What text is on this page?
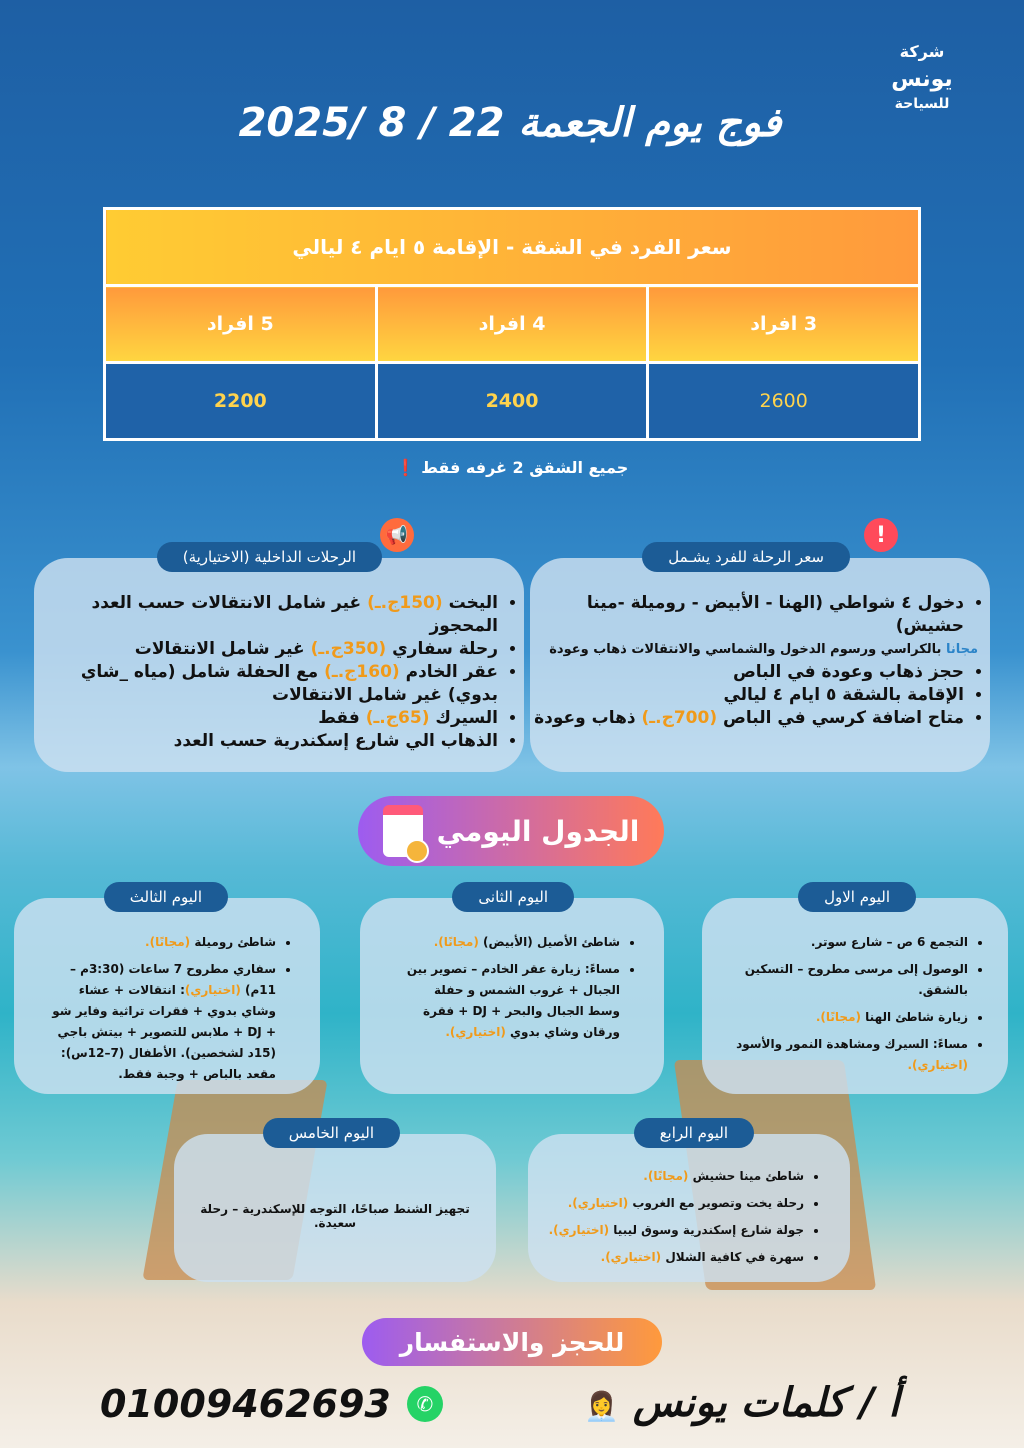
شركة
يونس
للسياحة
فوج يوم الجعمة 22 / 8 /2025
سعر الفرد في الشقة - الإقامة ٥ ايام ٤ ليالي		
3 افراد	4 افراد	5 افراد
2600	2400	2200
جميع الشقق 2 غرفه فقط ❗
!
📢
سعر الرحلة للفرد يشـمل
• دخول ٤ شواطي (الهنا - الأبيض - روميلة -مينا حشيش)
مجانا بالكراسي ورسوم الدخول والشماسي والانتقالات ذهاب وعودة
• حجز ذهاب وعودة في الباص
• الإقامة بالشقة ٥ ايام ٤ ليالي
• متاح اضافة كرسي في الباص (700ج.ـ) ذهاب وعودة
الرحلات الداخلية (الاختيارية)
• اليخت (150ج.ـ) غير شامل الانتقالات حسب العدد المحجوز
• رحلة سفاري (350ج.ـ) غير شامل الانتقالات
• عقر الخادم (160ج.ـ) مع الحفلة شامل (مياه _شاي بدوي) غير شامل الانتقالات
• السيرك (65ج.ـ) فقط
• الذهاب الي شارع إسكندرية حسب العدد
الجدول اليومي
اليوم الاول
• التجمع 6 ص – شارع سوتر.
• الوصول إلى مرسى مطروح – التسكين بالشقق.
• زيارة شاطئ الهنا (مجانًا).
• مساءً: السيرك ومشاهدة النمور والأسود (اختياري).
اليوم الثانى
• شاطئ الأصيل (الأبيض) (مجانًا).
• مساءً: زيارة عقر الخادم – تصوير بين الجبال + غروب الشمس و حفلة وسط الجبال والبحر + DJ + فقرة ورقان وشاي بدوي (اختياري).
اليوم الثالث
• شاطئ روميلة (مجانًا).
• سفاري مطروح 7 ساعات (3:30م – 11م) (اختياري): انتقالات + عشاء وشاي بدوي + فقرات تراثية وفاير شو + DJ + ملابس للتصوير + بيتش باجي (15د لشخصين). الأطفال (7–12س): مقعد بالباص + وجبة فقط.
اليوم الرابع
• شاطئ مينا حشيش (مجانًا).
• رحلة يخت وتصوير مع الغروب (اختياري).
• جولة شارع إسكندرية وسوق ليبيا (اختياري).
• سهرة في كافية الشلال (اختياري).
اليوم الخامس
تجهيز الشنط صباحًا، التوجه للإسكندرية – رحلة سعيدة.
للحجز والاستفسار
01009462693	✆	أ / كلمات يونس 👩‍💼
